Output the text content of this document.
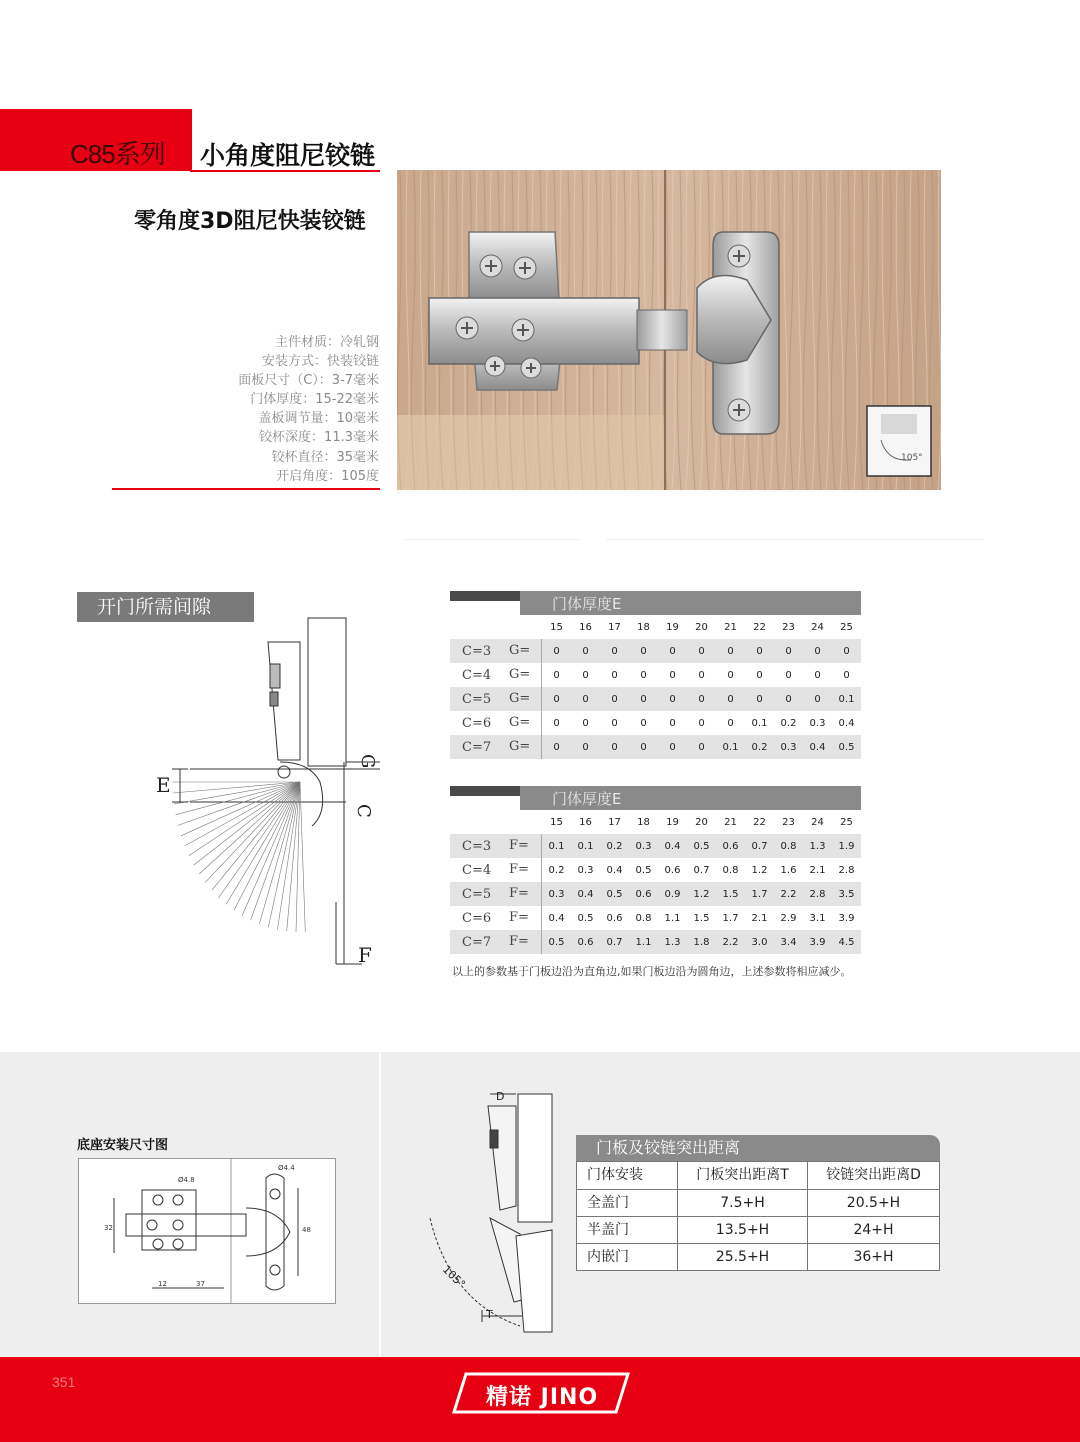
C85系列 小角度阻尼铰链
零角度3D阻尼快装铰链
主件材质：冷轧钢
安装方式：快装铰链
面板尺寸（C）：3-7毫米
门体厚度：15-22毫米
盖板调节量：10毫米
铰杯深度：11.3毫米
铰杯直径：35毫米
开启角度：105度
105°
开门所需间隙
E
G
C
F
门体厚度E
15	16	17	18	19	20	21	22	23	24	25
C=3	G=	0	0	0	0	0	0	0	0	0	0	0
C=4	G=	0	0	0	0	0	0	0	0	0	0	0
C=5	G=	0	0	0	0	0	0	0	0	0	0	0.1
C=6	G=	0	0	0	0	0	0	0	0.1	0.2	0.3	0.4
C=7	G=	0	0	0	0	0	0	0.1	0.2	0.3	0.4	0.5
门体厚度E
15	16	17	18	19	20	21	22	23	24	25
C=3	F=	0.1	0.1	0.2	0.3	0.4	0.5	0.6	0.7	0.8	1.3	1.9
C=4	F=	0.2	0.3	0.4	0.5	0.6	0.7	0.8	1.2	1.6	2.1	2.8
C=5	F=	0.3	0.4	0.5	0.6	0.9	1.2	1.5	1.7	2.2	2.8	3.5
C=6	F=	0.4	0.5	0.6	0.8	1.1	1.5	1.7	2.1	2.9	3.1	3.9
C=7	F=	0.5	0.6	0.7	1.1	1.3	1.8	2.2	3.0	3.4	3.9	4.5
以上的参数基于门板边沿为直角边,如果门板边沿为圆角边，上述参数将相应减少。
底座安装尺寸图
Ø4.8
Ø4.4
32	48
12	37
D
T
105°
门板及铰链突出距离
门体安装	门板突出距离T	铰链突出距离D
全盖门	7.5+H	20.5+H
半盖门	13.5+H	24+H
内嵌门	25.5+H	36+H
351
精诺 JINO
